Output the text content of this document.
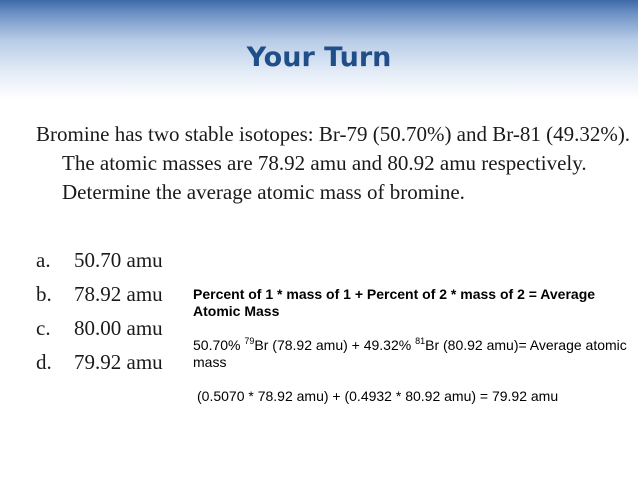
Your Turn
Bromine has two stable isotopes: Br-79 (50.70%) and Br-81 (49.32%). The atomic masses are 78.92 amu and 80.92 amu respectively. Determine the average atomic mass of bromine.
a. 50.70 amu
b. 78.92 amu
c. 80.00 amu
d. 79.92 amu
Percent of 1 * mass of 1 + Percent of 2 * mass of 2 = Average Atomic Mass
50.70% $^{79}$Br (78.92 amu) + 49.32% $^{81}$Br (80.92 amu)= Average atomic mass
(0.5070 * 78.92 amu) + (0.4932 * 80.92 amu) = 79.92 amu
